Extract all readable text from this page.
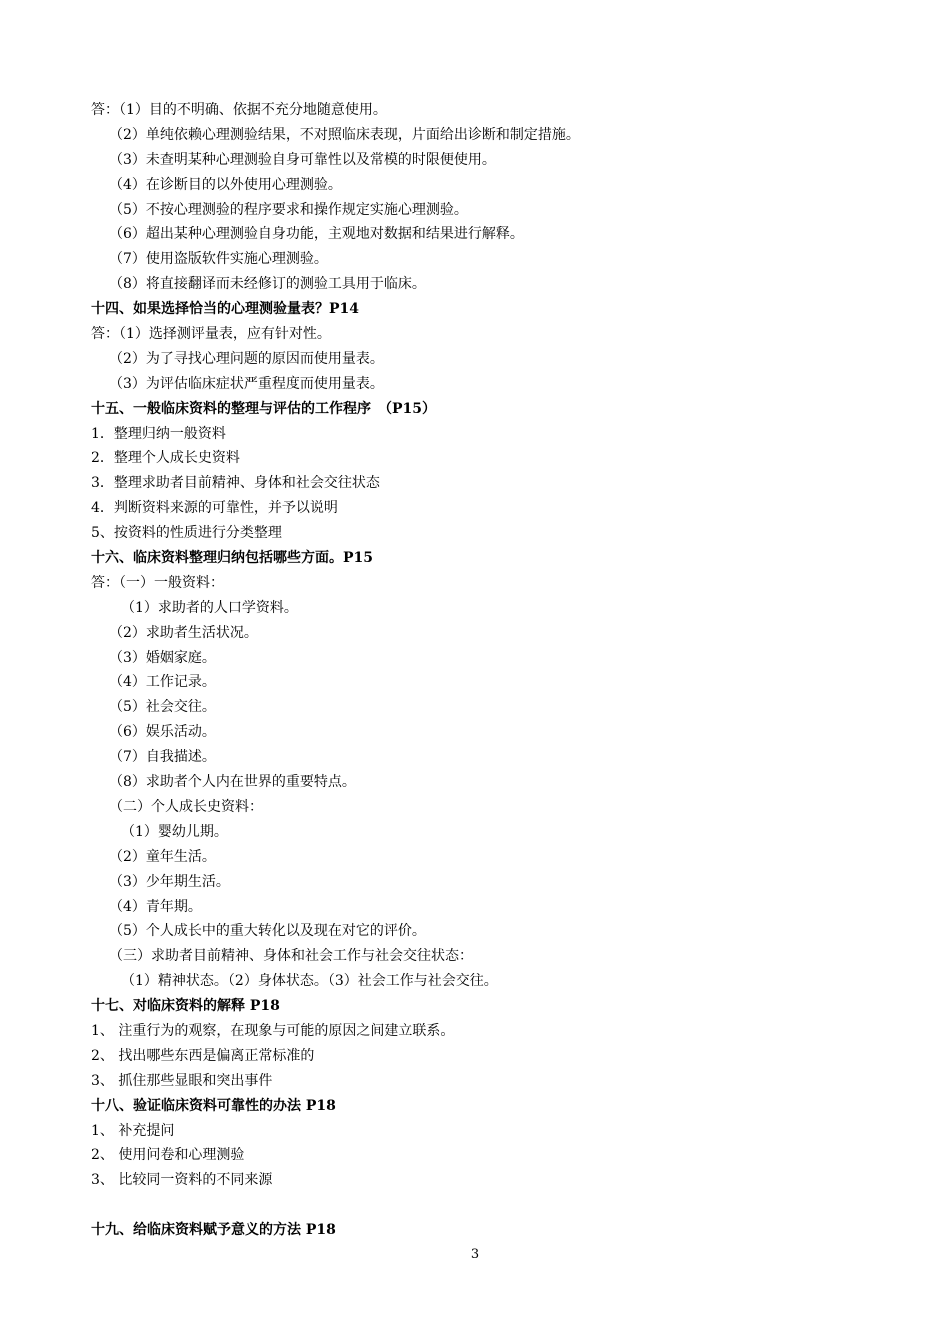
答：（1）目的不明确、依据不充分地随意使用。
（2）单纯依赖心理测验结果，不对照临床表现，片面给出诊断和制定措施。
（3）未查明某种心理测验自身可靠性以及常模的时限便使用。
（4）在诊断目的以外使用心理测验。
（5）不按心理测验的程序要求和操作规定实施心理测验。
（6）超出某种心理测验自身功能，主观地对数据和结果进行解释。
（7）使用盗版软件实施心理测验。
（8）将直接翻译而未经修订的测验工具用于临床。
十四、如果选择恰当的心理测验量表？P14
答：（1）选择测评量表，应有针对性。
（2）为了寻找心理问题的原因而使用量表。
（3）为评估临床症状严重程度而使用量表。
十五、一般临床资料的整理与评估的工作程序　（P15）
1．整理归纳一般资料
2．整理个人成长史资料
3．整理求助者目前精神、身体和社会交往状态
4．判断资料来源的可靠性，并予以说明
5、按资料的性质进行分类整理
十六、临床资料整理归纳包括哪些方面。P15
答：（一）一般资料：
（1）求助者的人口学资料。
（2）求助者生活状况。
（3）婚姻家庭。
（4）工作记录。
（5）社会交往。
（6）娱乐活动。
（7）自我描述。
（8）求助者个人内在世界的重要特点。
（二）个人成长史资料：
（1）婴幼儿期。
（2）童年生活。
（3）少年期生活。
（4）青年期。
（5）个人成长中的重大转化以及现在对它的评价。
（三）求助者目前精神、身体和社会工作与社会交往状态：
（1）精神状态。（2）身体状态。（3）社会工作与社会交往。
十七、对临床资料的解释 P18
1、 注重行为的观察，在现象与可能的原因之间建立联系。
2、 找出哪些东西是偏离正常标准的
3、 抓住那些显眼和突出事件
十八、验证临床资料可靠性的办法 P18
1、 补充提问
2、 使用问卷和心理测验
3、 比较同一资料的不同来源
十九、给临床资料赋予意义的方法 P18
3
